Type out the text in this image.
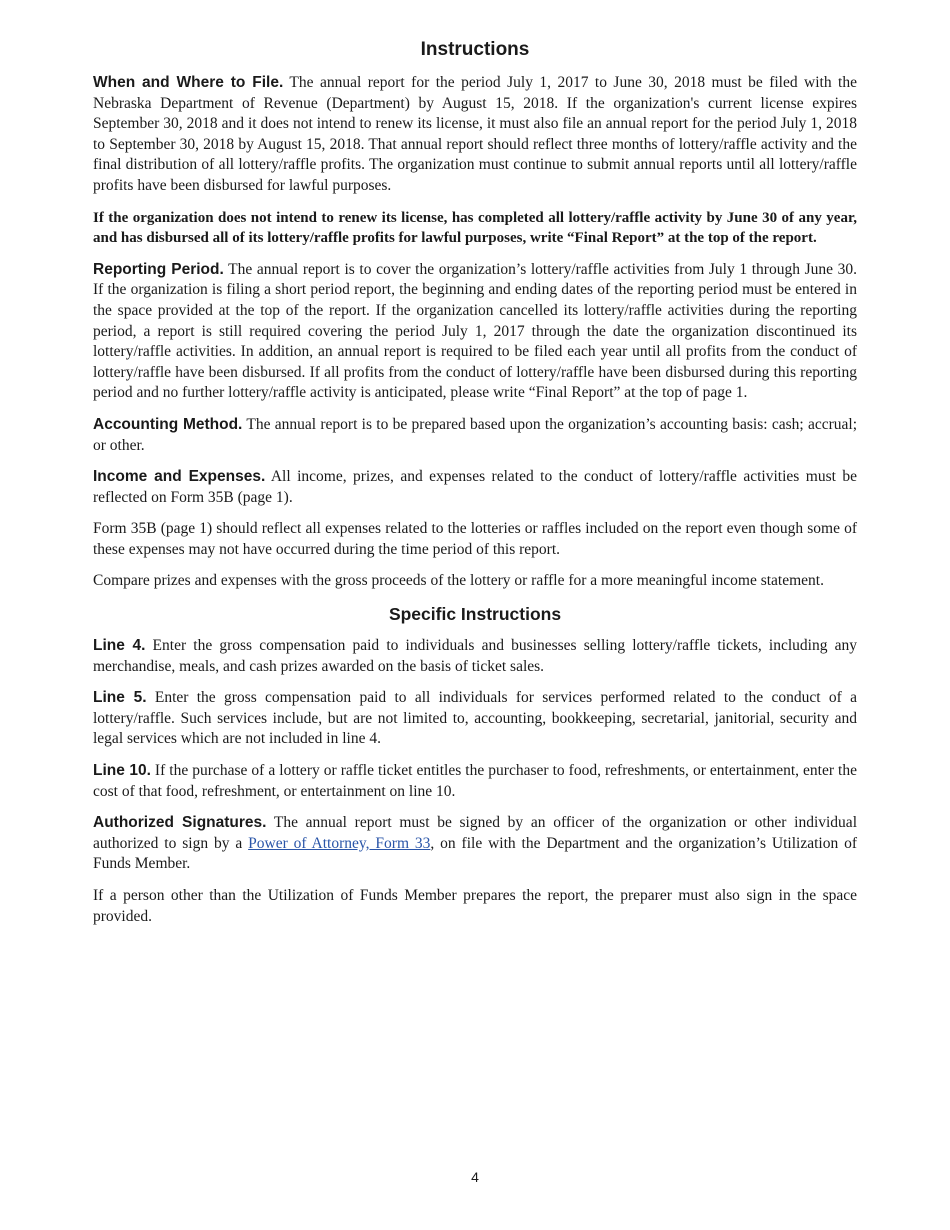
Instructions

When and Where to File. The annual report for the period July 1, 2017 to June 30, 2018 must be filed with the Nebraska Department of Revenue (Department) by August 15, 2018. If the organization's current license expires September 30, 2018 and it does not intend to renew its license, it must also file an annual report for the period July 1, 2018 to September 30, 2018 by August 15, 2018. That annual report should reflect three months of lottery/raffle activity and the final distribution of all lottery/raffle profits. The organization must continue to submit annual reports until all lottery/raffle profits have been disbursed for lawful purposes.

If the organization does not intend to renew its license, has completed all lottery/raffle activity by June 30 of any year, and has disbursed all of its lottery/raffle profits for lawful purposes, write “Final Report” at the top of the report.

Reporting Period. The annual report is to cover the organization’s lottery/raffle activities from July 1 through June 30. If the organization is filing a short period report, the beginning and ending dates of the reporting period must be entered in the space provided at the top of the report. If the organization cancelled its lottery/raffle activities during the reporting period, a report is still required covering the period July 1, 2017 through the date the organization discontinued its lottery/raffle activities. In addition, an annual report is required to be filed each year until all profits from the conduct of lottery/raffle have been disbursed. If all profits from the conduct of lottery/raffle have been disbursed during this reporting period and no further lottery/raffle activity is anticipated, please write “Final Report” at the top of page 1.

Accounting Method. The annual report is to be prepared based upon the organization’s accounting basis: cash; accrual; or other.

Income and Expenses. All income, prizes, and expenses related to the conduct of lottery/raffle activities must be reflected on Form 35B (page 1).

Form 35B (page 1) should reflect all expenses related to the lotteries or raffles included on the report even though some of these expenses may not have occurred during the time period of this report.

Compare prizes and expenses with the gross proceeds of the lottery or raffle for a more meaningful income statement.

Specific Instructions

Line 4. Enter the gross compensation paid to individuals and businesses selling lottery/raffle tickets, including any merchandise, meals, and cash prizes awarded on the basis of ticket sales.

Line 5. Enter the gross compensation paid to all individuals for services performed related to the conduct of a lottery/raffle. Such services include, but are not limited to, accounting, bookkeeping, secretarial, janitorial, security and legal services which are not included in line 4.

Line 10. If the purchase of a lottery or raffle ticket entitles the purchaser to food, refreshments, or entertainment, enter the cost of that food, refreshment, or entertainment on line 10.

Authorized Signatures. The annual report must be signed by an officer of the organization or other individual authorized to sign by a Power of Attorney, Form 33, on file with the Department and the organization’s Utilization of Funds Member.

If a person other than the Utilization of Funds Member prepares the report, the preparer must also sign in the space provided.

4
